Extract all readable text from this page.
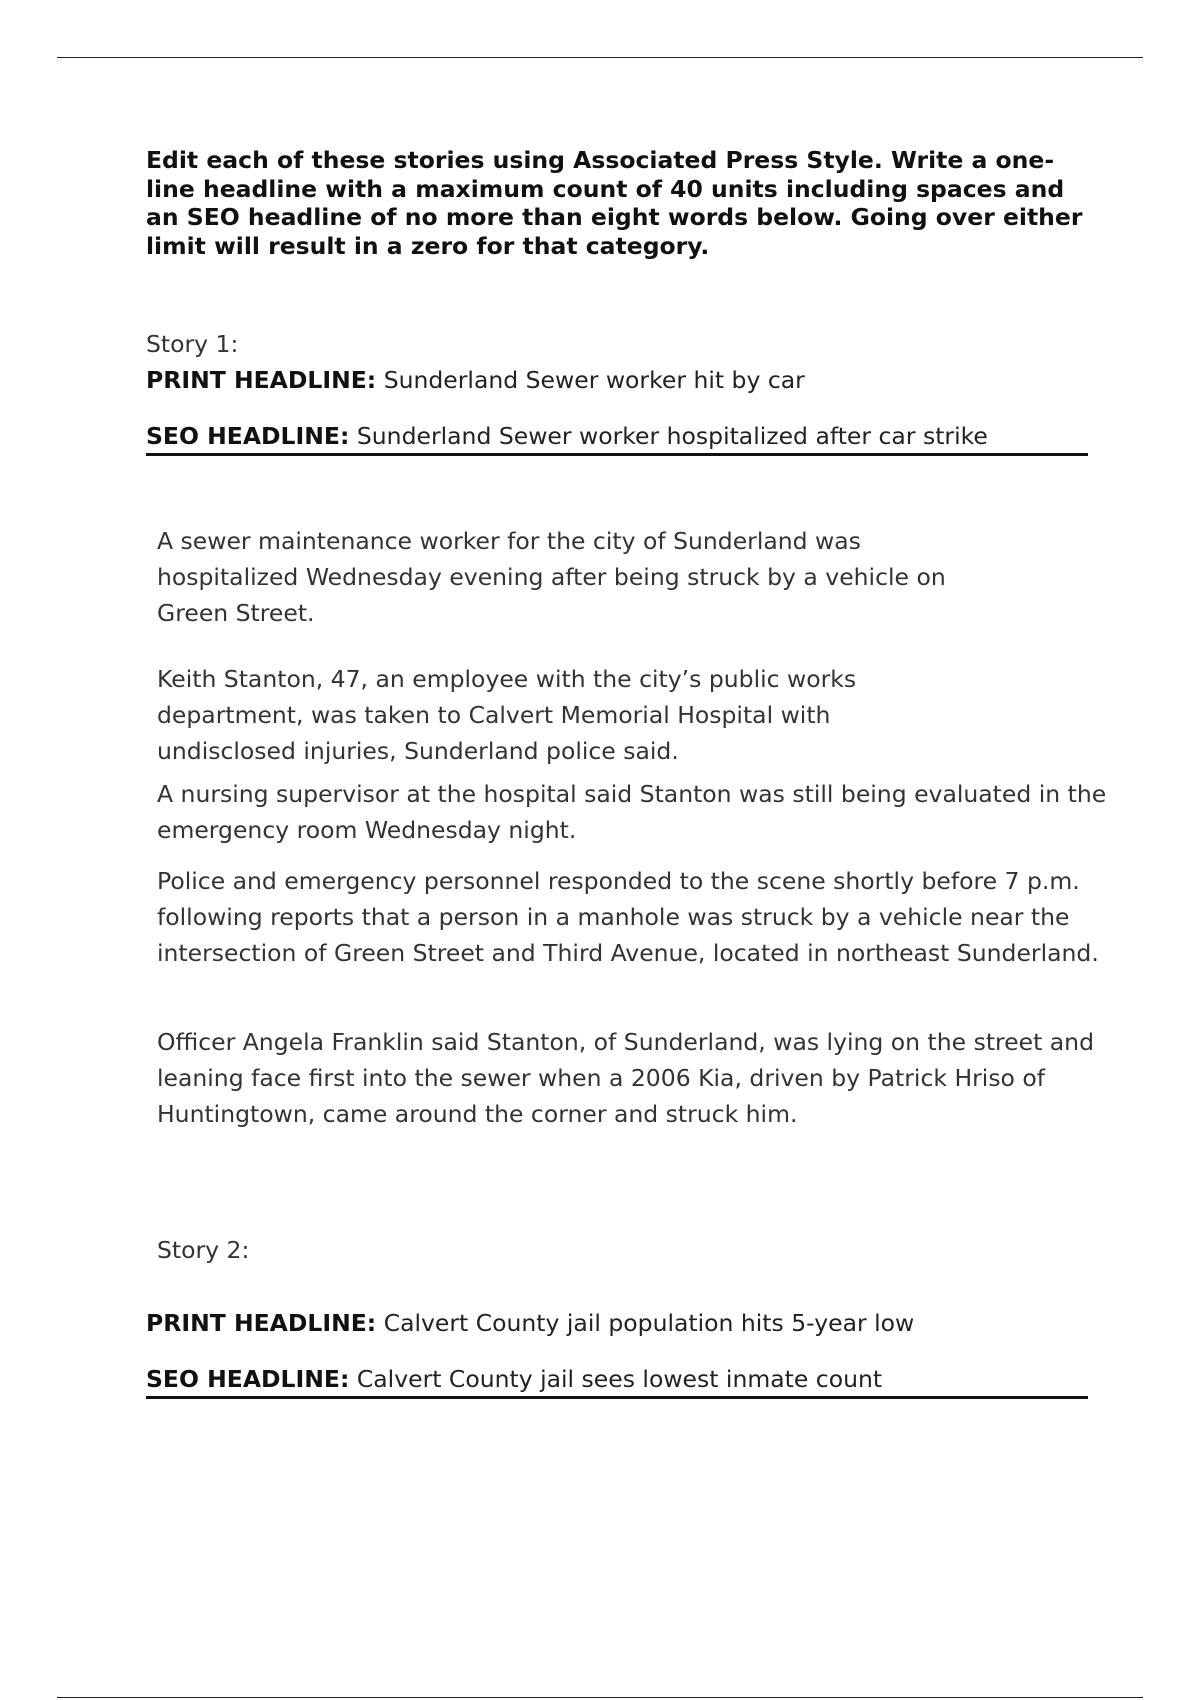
Edit each of these stories using Associated Press Style. Write a one-line headline with a maximum count of 40 units including spaces and an SEO headline of no more than eight words below. Going over either limit will result in a zero for that category.

Story 1:

PRINT HEADLINE: Sunderland Sewer worker hit by car

SEO HEADLINE: Sunderland Sewer worker hospitalized after car strike

A sewer maintenance worker for the city of Sunderland was hospitalized Wednesday evening after being struck by a vehicle on Green Street.

Keith Stanton, 47, an employee with the city’s public works department, was taken to Calvert Memorial Hospital with undisclosed injuries, Sunderland police said.

A nursing supervisor at the hospital said Stanton was still being evaluated in the emergency room Wednesday night.

Police and emergency personnel responded to the scene shortly before 7 p.m. following reports that a person in a manhole was struck by a vehicle near the intersection of Green Street and Third Avenue, located in northeast Sunderland.

Officer Angela Franklin said Stanton, of Sunderland, was lying on the street and leaning face first into the sewer when a 2006 Kia, driven by Patrick Hriso of Huntingtown, came around the corner and struck him.

Story 2:

PRINT HEADLINE: Calvert County jail population hits 5-year low

SEO HEADLINE: Calvert County jail sees lowest inmate count
